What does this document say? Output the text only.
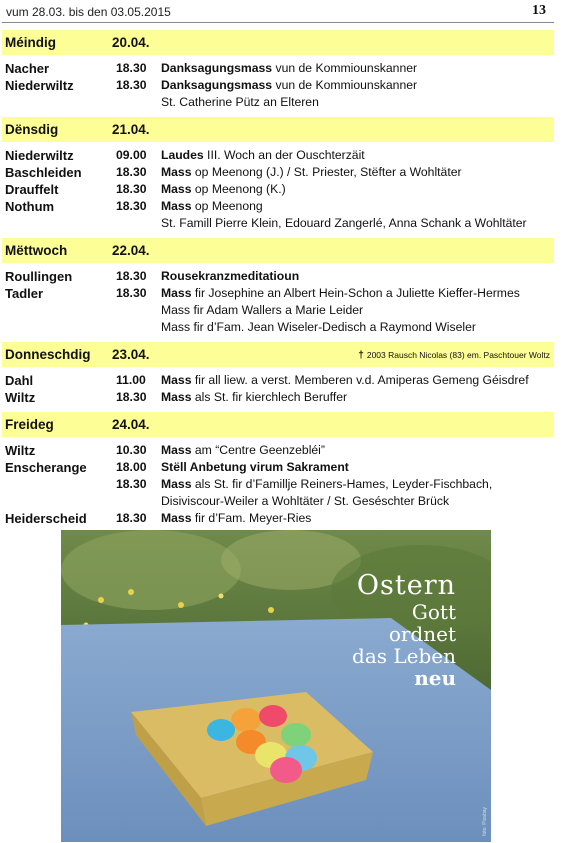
vum 28.03. bis den 03.05.2015	13
Méindig	20.04.
Nacher	18.30 Danksagungsmass vun de Kommiounskanner
Niederwiltz	18.30 Danksagungsmass vun de Kommiounskanner
St. Catherine Pütz an Elteren
Dënsdig	21.04.
Niederwiltz	09.00 Laudes III. Woch an der Ouschterzäit
Baschleiden	18.30 Mass op Meenong (J.) / St. Priester, Stëfter a Wohltäter
Drauffelt	18.30 Mass op Meenong (K.)
Nothum	18.30 Mass op Meenong
St. Famill Pierre Klein, Edouard Zangerlé, Anna Schank a Wohltäter
Mëttwoch	22.04.
Roullingen	18.30 Rousekranzmeditatioun
Tadler	18.30 Mass fir Josephine an Albert Hein-Schon a Juliette Kieffer-Hermes
Mass fir Adam Wallers a Marie Leider
Mass fir d’Fam. Jean Wiseler-Dedisch a Raymond Wiseler
Donneschdig 23.04.	† 2003 Rausch Nicolas (83) em. Paschtouer Woltz
Dahl	11.00 Mass fir all liew. a verst. Memberen v.d. Amiperas Gemeng Géisdref
Wiltz	18.30 Mass als St. fir kierchlech Beruffer
Freideg	24.04.
Wiltz	10.30 Mass am “Centre Geenzebléi”
Enscherange 18.00 Stëll Anbetung virum Sakrament
18.30 Mass als St. fir d’Famillje Reiners-Hames, Leyder-Fischbach,
Disiviscour-Weiler a Wohltäter / St. Geséschter Brück
Heiderscheid 18.30 Mass fir d’Fam. Meyer-Ries
Ostern
Gott
ordnet
das Leben
neu
foto: Pixabay
